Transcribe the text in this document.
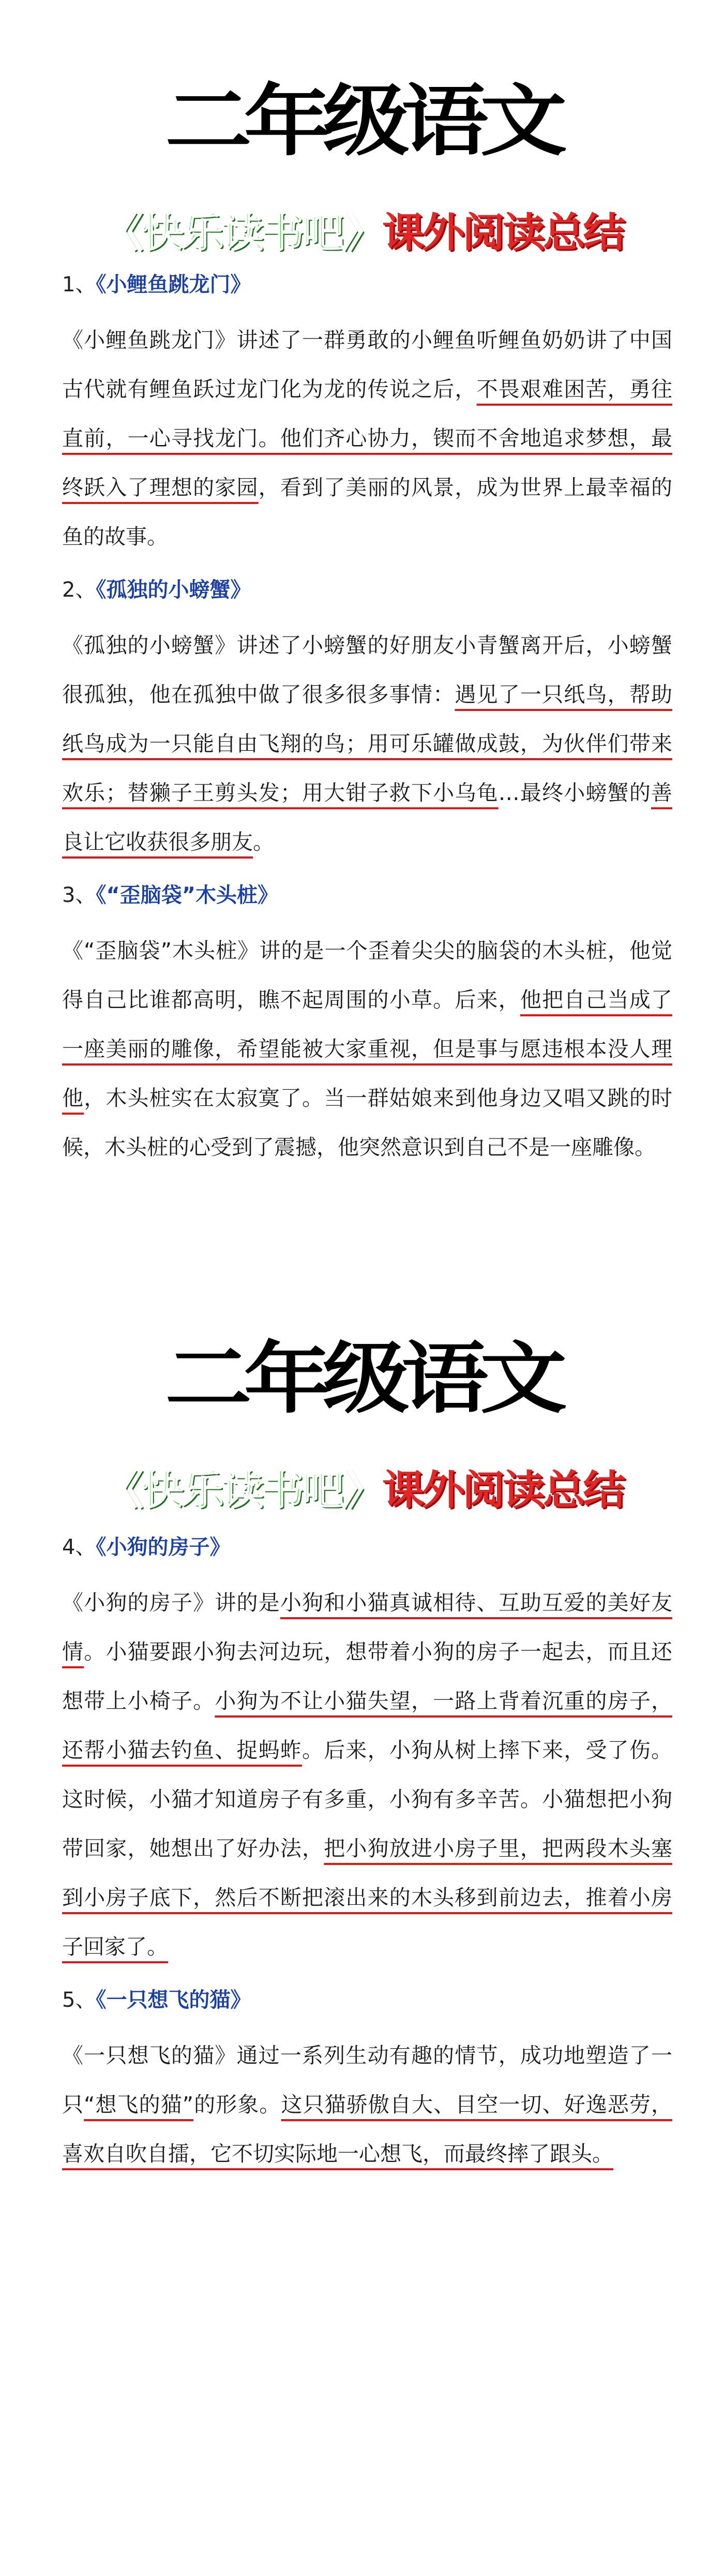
二年级语文
《快乐读书吧》课外阅读总结
1、《小鲤鱼跳龙门》

《小鲤鱼跳龙门》讲述了一群勇敢的小鲤鱼听鲤鱼奶奶讲了中国古代就有鲤鱼跃过龙门化为龙的传说之后，不畏艰难困苦，勇往直前，一心寻找龙门。他们齐心协力，锲而不舍地追求梦想，最终跃入了理想的家园，看到了美丽的风景，成为世界上最幸福的鱼的故事。

2、《孤独的小螃蟹》

《孤独的小螃蟹》讲述了小螃蟹的好朋友小青蟹离开后，小螃蟹很孤独，他在孤独中做了很多很多事情：遇见了一只纸鸟，帮助纸鸟成为一只能自由飞翔的鸟；用可乐罐做成鼓，为伙伴们带来欢乐；替獭子王剪头发；用大钳子救下小乌龟…最终小螃蟹的善良让它收获很多朋友。

3、《“歪脑袋”木头桩》

《“歪脑袋”木头桩》讲的是一个歪着尖尖的脑袋的木头桩，他觉得自己比谁都高明，瞧不起周围的小草。后来，他把自己当成了一座美丽的雕像，希望能被大家重视，但是事与愿违根本没人理他，木头桩实在太寂寞了。当一群姑娘来到他身边又唱又跳的时候，木头桩的心受到了震撼，他突然意识到自己不是一座雕像。

二年级语文
《快乐读书吧》课外阅读总结
4、《小狗的房子》

《小狗的房子》讲的是小狗和小猫真诚相待、互助互爱的美好友情。小猫要跟小狗去河边玩，想带着小狗的房子一起去，而且还想带上小椅子。小狗为不让小猫失望，一路上背着沉重的房子，还帮小猫去钓鱼、捉蚂蚱。后来，小狗从树上摔下来，受了伤。这时候，小猫才知道房子有多重，小狗有多辛苦。小猫想把小狗带回家，她想出了好办法，把小狗放进小房子里，把两段木头塞到小房子底下，然后不断把滚出来的木头移到前边去，推着小房子回家了。

5、《一只想飞的猫》

《一只想飞的猫》通过一系列生动有趣的情节，成功地塑造了一只“想飞的猫”的形象。这只猫骄傲自大、目空一切、好逸恶劳，喜欢自吹自擂，它不切实际地一心想飞，而最终摔了跟头。
